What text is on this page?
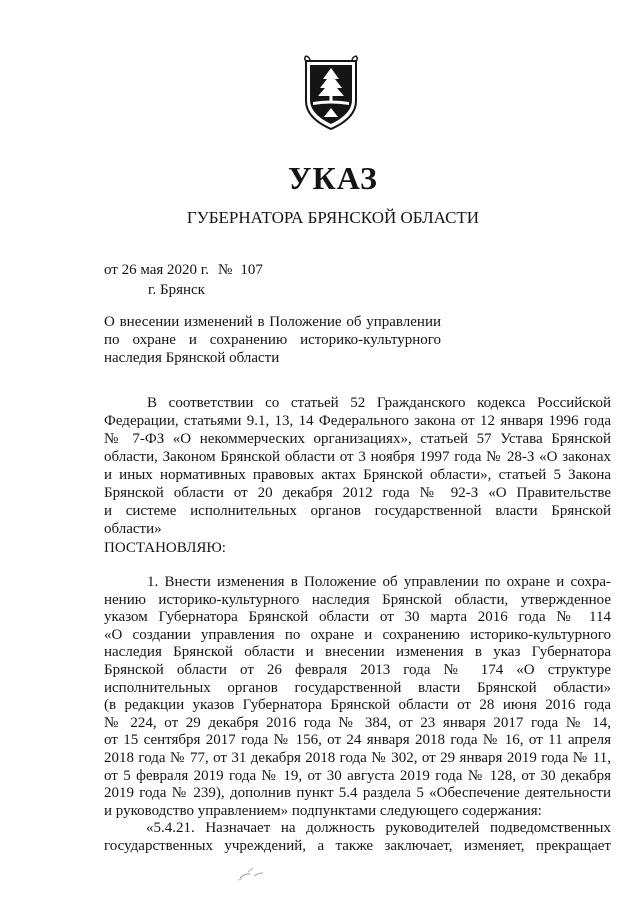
УКАЗ
ГУБЕРНАТОРА БРЯНСКОЙ ОБЛАСТИ
от 26 мая 2020 г. № 107
г. Брянск
О внесении изменений в Положение об управлении
по охране и сохранению историко-культурного
наследия Брянской области
В соответствии со статьей 52 Гражданского кодекса Российской
Федерации, статьями 9.1, 13, 14 Федерального закона от 12 января 1996 года
№ 7-ФЗ «О некоммерческих организациях», статьей 57 Устава Брянской
области, Законом Брянской области от 3 ноября 1997 года № 28-З «О законах
и иных нормативных правовых актах Брянской области», статьей 5 Закона
Брянской области от 20 декабря 2012 года № 92-З «О Правительстве
и системе исполнительных органов государственной власти Брянской
области»
ПОСТАНОВЛЯЮ:
1. Внести изменения в Положение об управлении по охране и сохра-
нению историко-культурного наследия Брянской области, утвержденное
указом Губернатора Брянской области от 30 марта 2016 года № 114
«О создании управления по охране и сохранению историко-культурного
наследия Брянской области и внесении изменения в указ Губернатора
Брянской области от 26 февраля 2013 года № 174 «О структуре
исполнительных органов государственной власти Брянской области»
(в редакции указов Губернатора Брянской области от 28 июня 2016 года
№ 224, от 29 декабря 2016 года № 384, от 23 января 2017 года № 14,
от 15 сентября 2017 года № 156, от 24 января 2018 года № 16, от 11 апреля
2018 года № 77, от 31 декабря 2018 года № 302, от 29 января 2019 года № 11,
от 5 февраля 2019 года № 19, от 30 августа 2019 года № 128, от 30 декабря
2019 года № 239), дополнив пункт 5.4 раздела 5 «Обеспечение деятельности
и руководство управлением» подпунктами следующего содержания:
«5.4.21. Назначает на должность руководителей подведомственных
государственных учреждений, а также заключает, изменяет, прекращает
